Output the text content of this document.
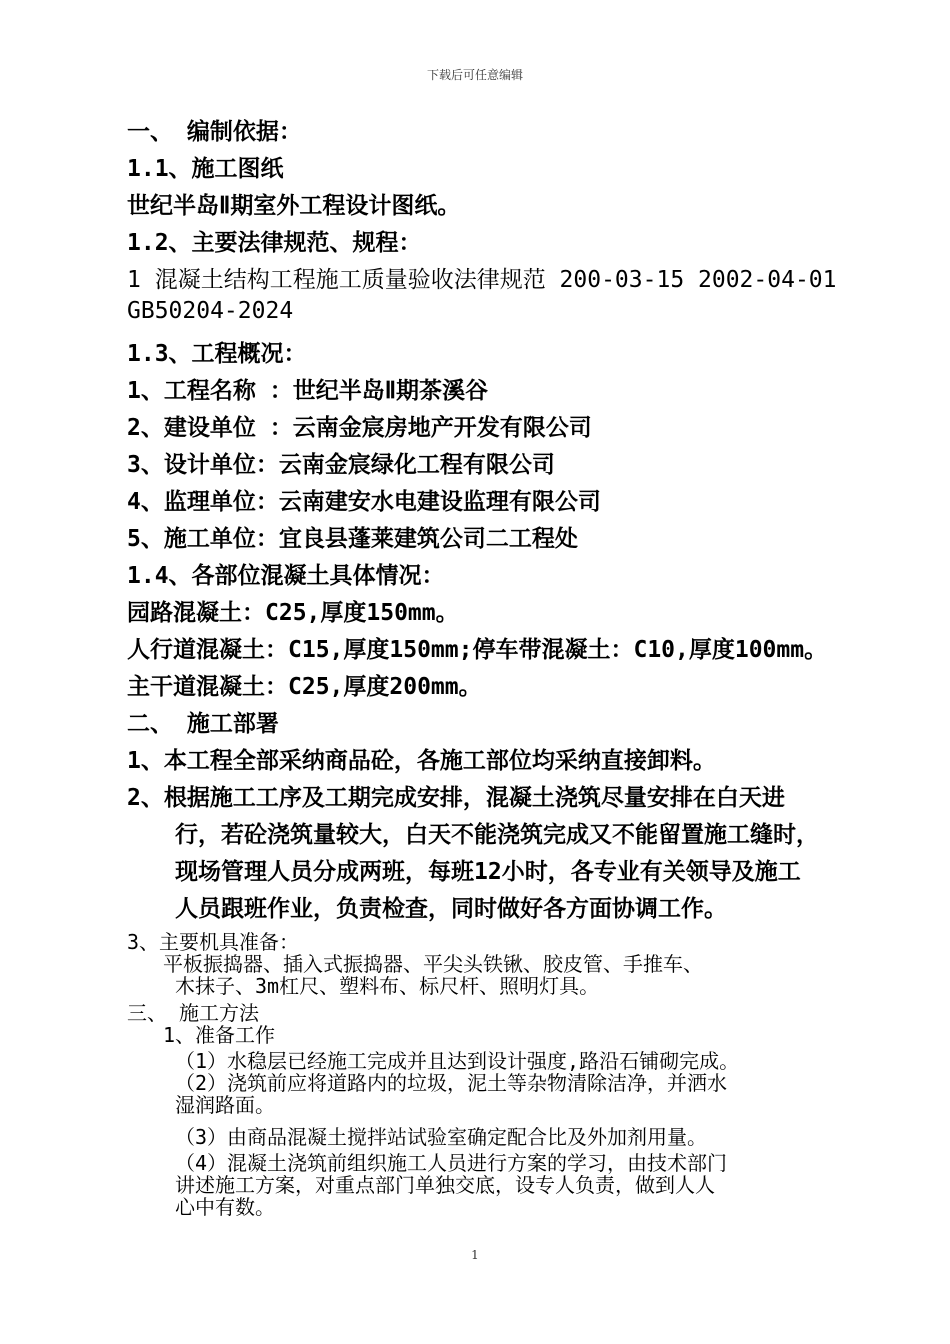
下载后可任意编辑
一、 编制依据：
1.1、施工图纸
世纪半岛Ⅱ期室外工程设计图纸。
1.2、主要法律规范、规程：
1 混凝土结构工程施工质量验收法律规范 200-03-15 2002-04-01
GB50204-2024
1.3、工程概况：
1、工程名称 ：世纪半岛Ⅱ期茶溪谷
2、建设单位 ：云南金宸房地产开发有限公司
3、设计单位：云南金宸绿化工程有限公司
4、监理单位：云南建安水电建设监理有限公司
5、施工单位：宜良县蓬莱建筑公司二工程处
1.4、各部位混凝土具体情况：
园路混凝土：C25,厚度150mm。
人行道混凝土：C15,厚度150mm;停车带混凝土：C10,厚度100mm。
主干道混凝土：C25,厚度200mm。
二、 施工部署
1、本工程全部采纳商品砼，各施工部位均采纳直接卸料。
2、根据施工工序及工期完成安排，混凝土浇筑尽量安排在白天进
行，若砼浇筑量较大，白天不能浇筑完成又不能留置施工缝时，
现场管理人员分成两班，每班12小时，各专业有关领导及施工
人员跟班作业，负责检查，同时做好各方面协调工作。
3、主要机具准备：
平板振捣器、插入式振捣器、平尖头铁锹、胶皮管、手推车、
木抹子、3m杠尺、塑料布、标尺杆、照明灯具。
三、 施工方法
1、准备工作
（1）水稳层已经施工完成并且达到设计强度,路沿石铺砌完成。
（2）浇筑前应将道路内的垃圾，泥土等杂物清除洁净，并洒水
湿润路面。
（3）由商品混凝土搅拌站试验室确定配合比及外加剂用量。
（4）混凝土浇筑前组织施工人员进行方案的学习，由技术部门
讲述施工方案，对重点部门单独交底，设专人负责，做到人人
心中有数。
1
